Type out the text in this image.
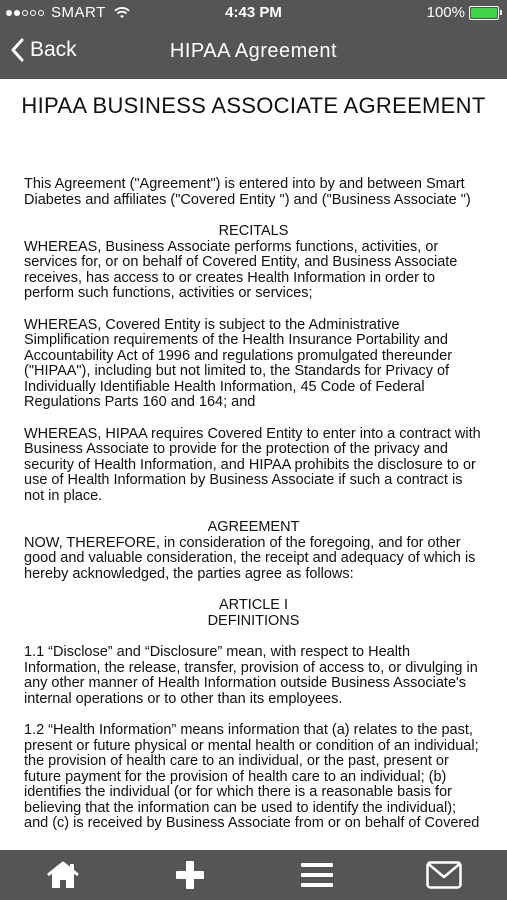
SMART	4:43 PM	100%
Back	HIPAA Agreement
HIPAA BUSINESS ASSOCIATE AGREEMENT

This Agreement ("Agreement") is entered into by and between Smart Diabetes and affiliates ("Covered Entity ") and ("Business Associate ")

RECITALS

WHEREAS, Business Associate performs functions, activities, or services for, or on behalf of Covered Entity, and Business Associate receives, has access to or creates Health Information in order to perform such functions, activities or services;

WHEREAS, Covered Entity is subject to the Administrative Simplification requirements of the Health Insurance Portability and Accountability Act of 1996 and regulations promulgated thereunder ("HIPAA"), including but not limited to, the Standards for Privacy of Individually Identifiable Health Information, 45 Code of Federal Regulations Parts 160 and 164; and

WHEREAS, HIPAA requires Covered Entity to enter into a contract with Business Associate to provide for the protection of the privacy and security of Health Information, and HIPAA prohibits the disclosure to or use of Health Information by Business Associate if such a contract is not in place.

AGREEMENT

NOW, THEREFORE, in consideration of the foregoing, and for other good and valuable consideration, the receipt and adequacy of which is hereby acknowledged, the parties agree as follows:

ARTICLE I

DEFINITIONS

1.1 “Disclose” and “Disclosure” mean, with respect to Health Information, the release, transfer, provision of access to, or divulging in any other manner of Health Information outside Business Associate's internal operations or to other than its employees.

1.2 “Health Information” means information that (a) relates to the past, present or future physical or mental health or condition of an individual; the provision of health care to an individual, or the past, present or future payment for the provision of health care to an individual; (b) identifies the individual (or for which there is a reasonable basis for believing that the information can be used to identify the individual); and (c) is received by Business Associate from or on behalf of Covered
